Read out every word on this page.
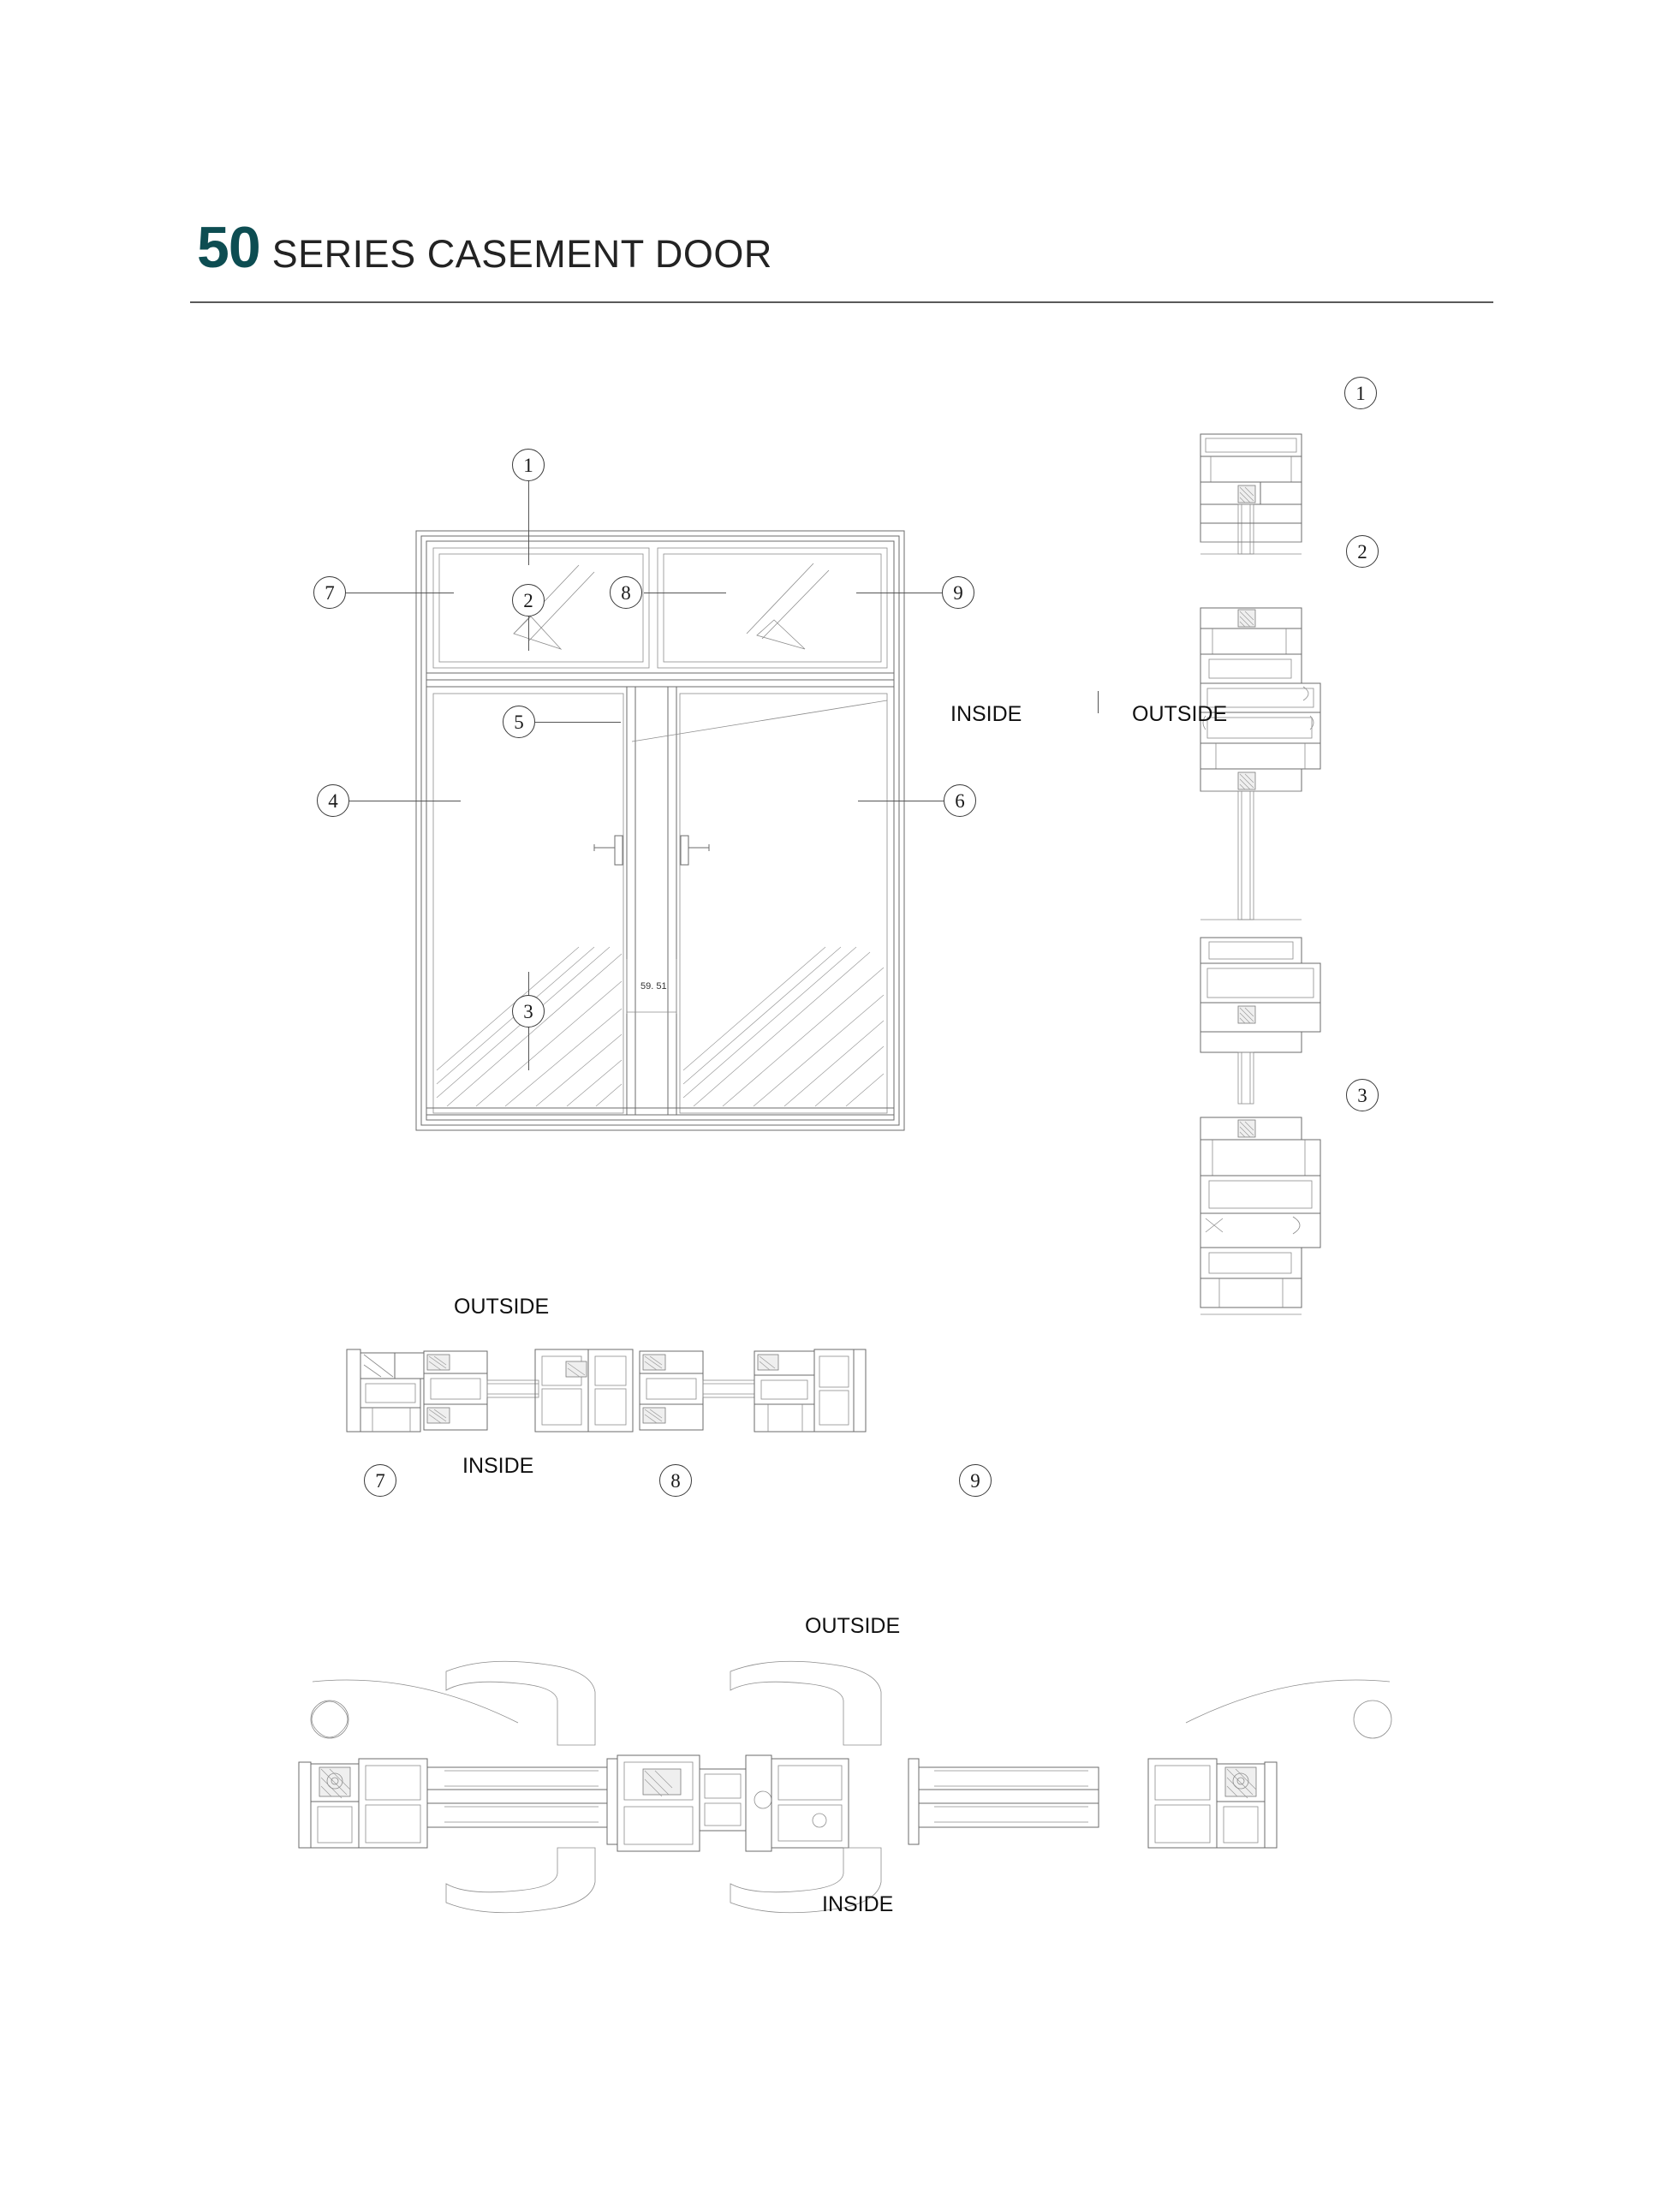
50 SERIES CASEMENT DOOR
1
7	2	8	9
5
4	6
3
59. 51
1
2
3
INSIDE	OUTSIDE
OUTSIDE
INSIDE
7	8	9
OUTSIDE
INSIDE
